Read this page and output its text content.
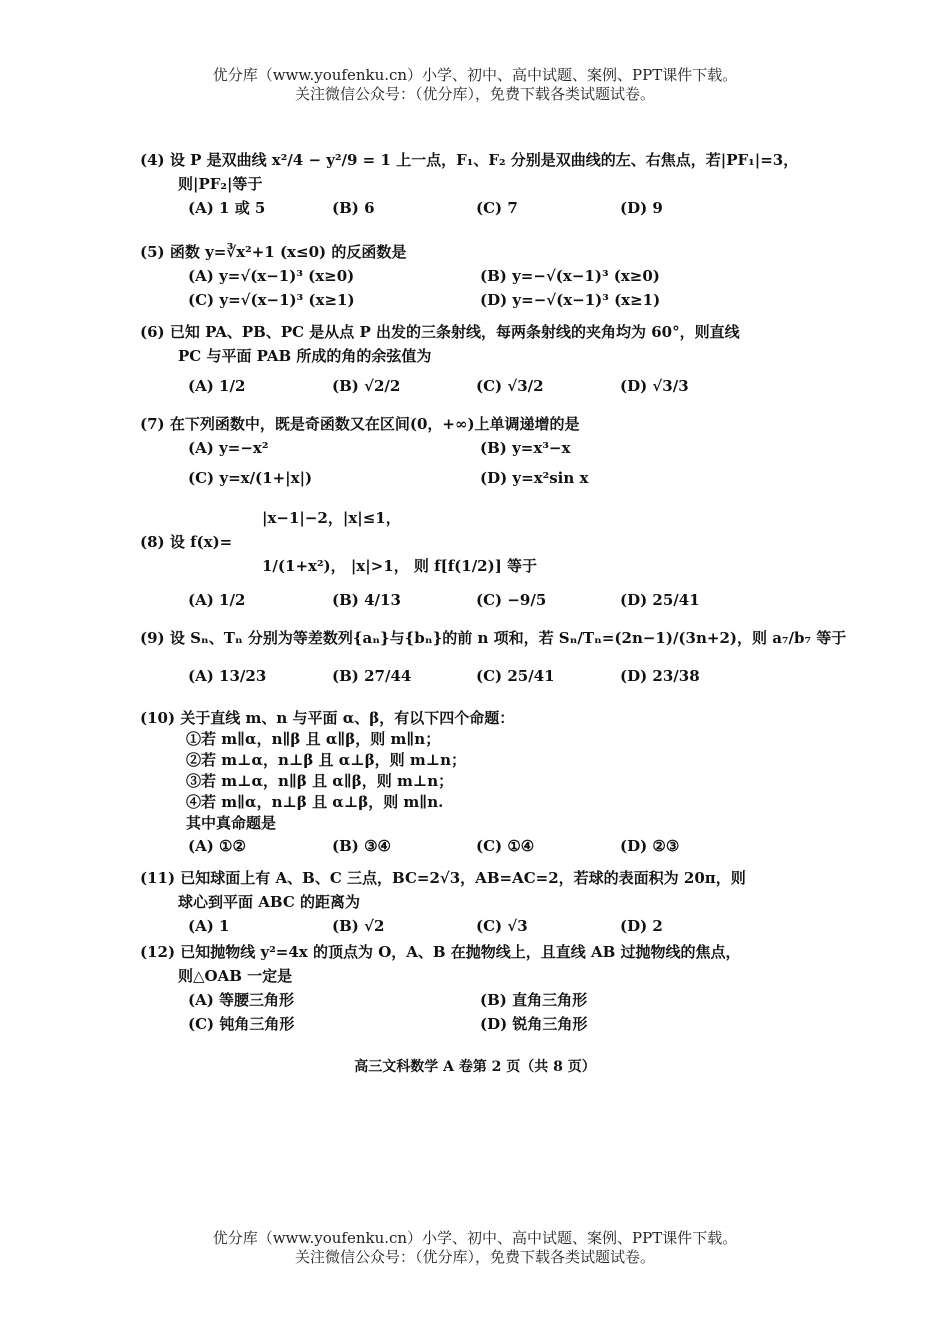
优分库（www.youfenku.cn）小学、初中、高中试题、案例、PPT课件下载。
关注微信公众号：（优分库），免费下载各类试题试卷。
(4) 设 P 是双曲线 x²/4 − y²/9 = 1 上一点，F₁、F₂ 分别是双曲线的左、右焦点，若|PF₁|=3，
则|PF₂|等于
(A) 1 或 5	(B) 6	(C) 7	(D) 9
(5) 函数 y=∛x²+1 (x≤0) 的反函数是
(A) y=√(x−1)³ (x≥0)	(B) y=−√(x−1)³ (x≥0)
(C) y=√(x−1)³ (x≥1)	(D) y=−√(x−1)³ (x≥1)
(6) 已知 PA、PB、PC 是从点 P 出发的三条射线，每两条射线的夹角均为 60°，则直线
PC 与平面 PAB 所成的角的余弦值为
(A) 1/2	(B) √2/2	(C) √3/2	(D) √3/3
(7) 在下列函数中，既是奇函数又在区间(0，+∞)上单调递增的是
(A) y=−x²	(B) y=x³−x
(C) y=x/(1+|x|)	(D) y=x²sin x
|x−1|−2，|x|≤1，
(8) 设 f(x)=
1/(1+x²)， |x|>1， 则 f[f(1/2)] 等于
(A) 1/2	(B) 4/13	(C) −9/5	(D) 25/41
(9) 设 Sₙ、Tₙ 分别为等差数列{aₙ}与{bₙ}的前 n 项和，若 Sₙ/Tₙ=(2n−1)/(3n+2)，则 a₇/b₇ 等于
(A) 13/23	(B) 27/44	(C) 25/41	(D) 23/38
(10) 关于直线 m、n 与平面 α、β，有以下四个命题：
①若 m∥α，n∥β 且 α∥β，则 m∥n；
②若 m⊥α，n⊥β 且 α⊥β，则 m⊥n；
③若 m⊥α，n∥β 且 α∥β，则 m⊥n；
④若 m∥α，n⊥β 且 α⊥β，则 m∥n.
其中真命题是
(A) ①②	(B) ③④	(C) ①④	(D) ②③
(11) 已知球面上有 A、B、C 三点，BC=2√3，AB=AC=2，若球的表面积为 20π，则
球心到平面 ABC 的距离为
(A) 1	(B) √2	(C) √3	(D) 2
(12) 已知抛物线 y²=4x 的顶点为 O，A、B 在抛物线上，且直线 AB 过抛物线的焦点，
则△OAB 一定是
(A) 等腰三角形	(B) 直角三角形
(C) 钝角三角形	(D) 锐角三角形
高三文科数学 A 卷第 2 页（共 8 页）
优分库（www.youfenku.cn）小学、初中、高中试题、案例、PPT课件下载。
关注微信公众号：（优分库），免费下载各类试题试卷。
